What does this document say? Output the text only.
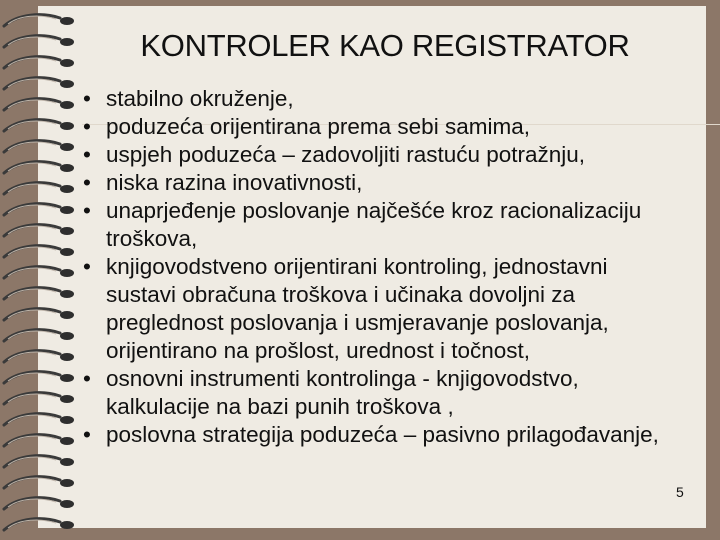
KONTROLER KAO REGISTRATOR
• stabilno okruženje,
• poduzeća orijentirana prema sebi samima,
• uspjeh poduzeća – zadovoljiti rastuću potražnju,
• niska razina inovativnosti,
• unaprjeđenje poslovanje najčešće kroz racionalizaciju troškova,
• knjigovodstveno orijentirani kontroling, jednostavni sustavi obračuna troškova i učinaka dovoljni za preglednost poslovanja i usmjeravanje poslovanja, orijentirano na prošlost, urednost i točnost,
• osnovni instrumenti kontrolinga - knjigovodstvo, kalkulacije na bazi punih troškova ,
• poslovna strategija poduzeća – pasivno prilagođavanje,
5
